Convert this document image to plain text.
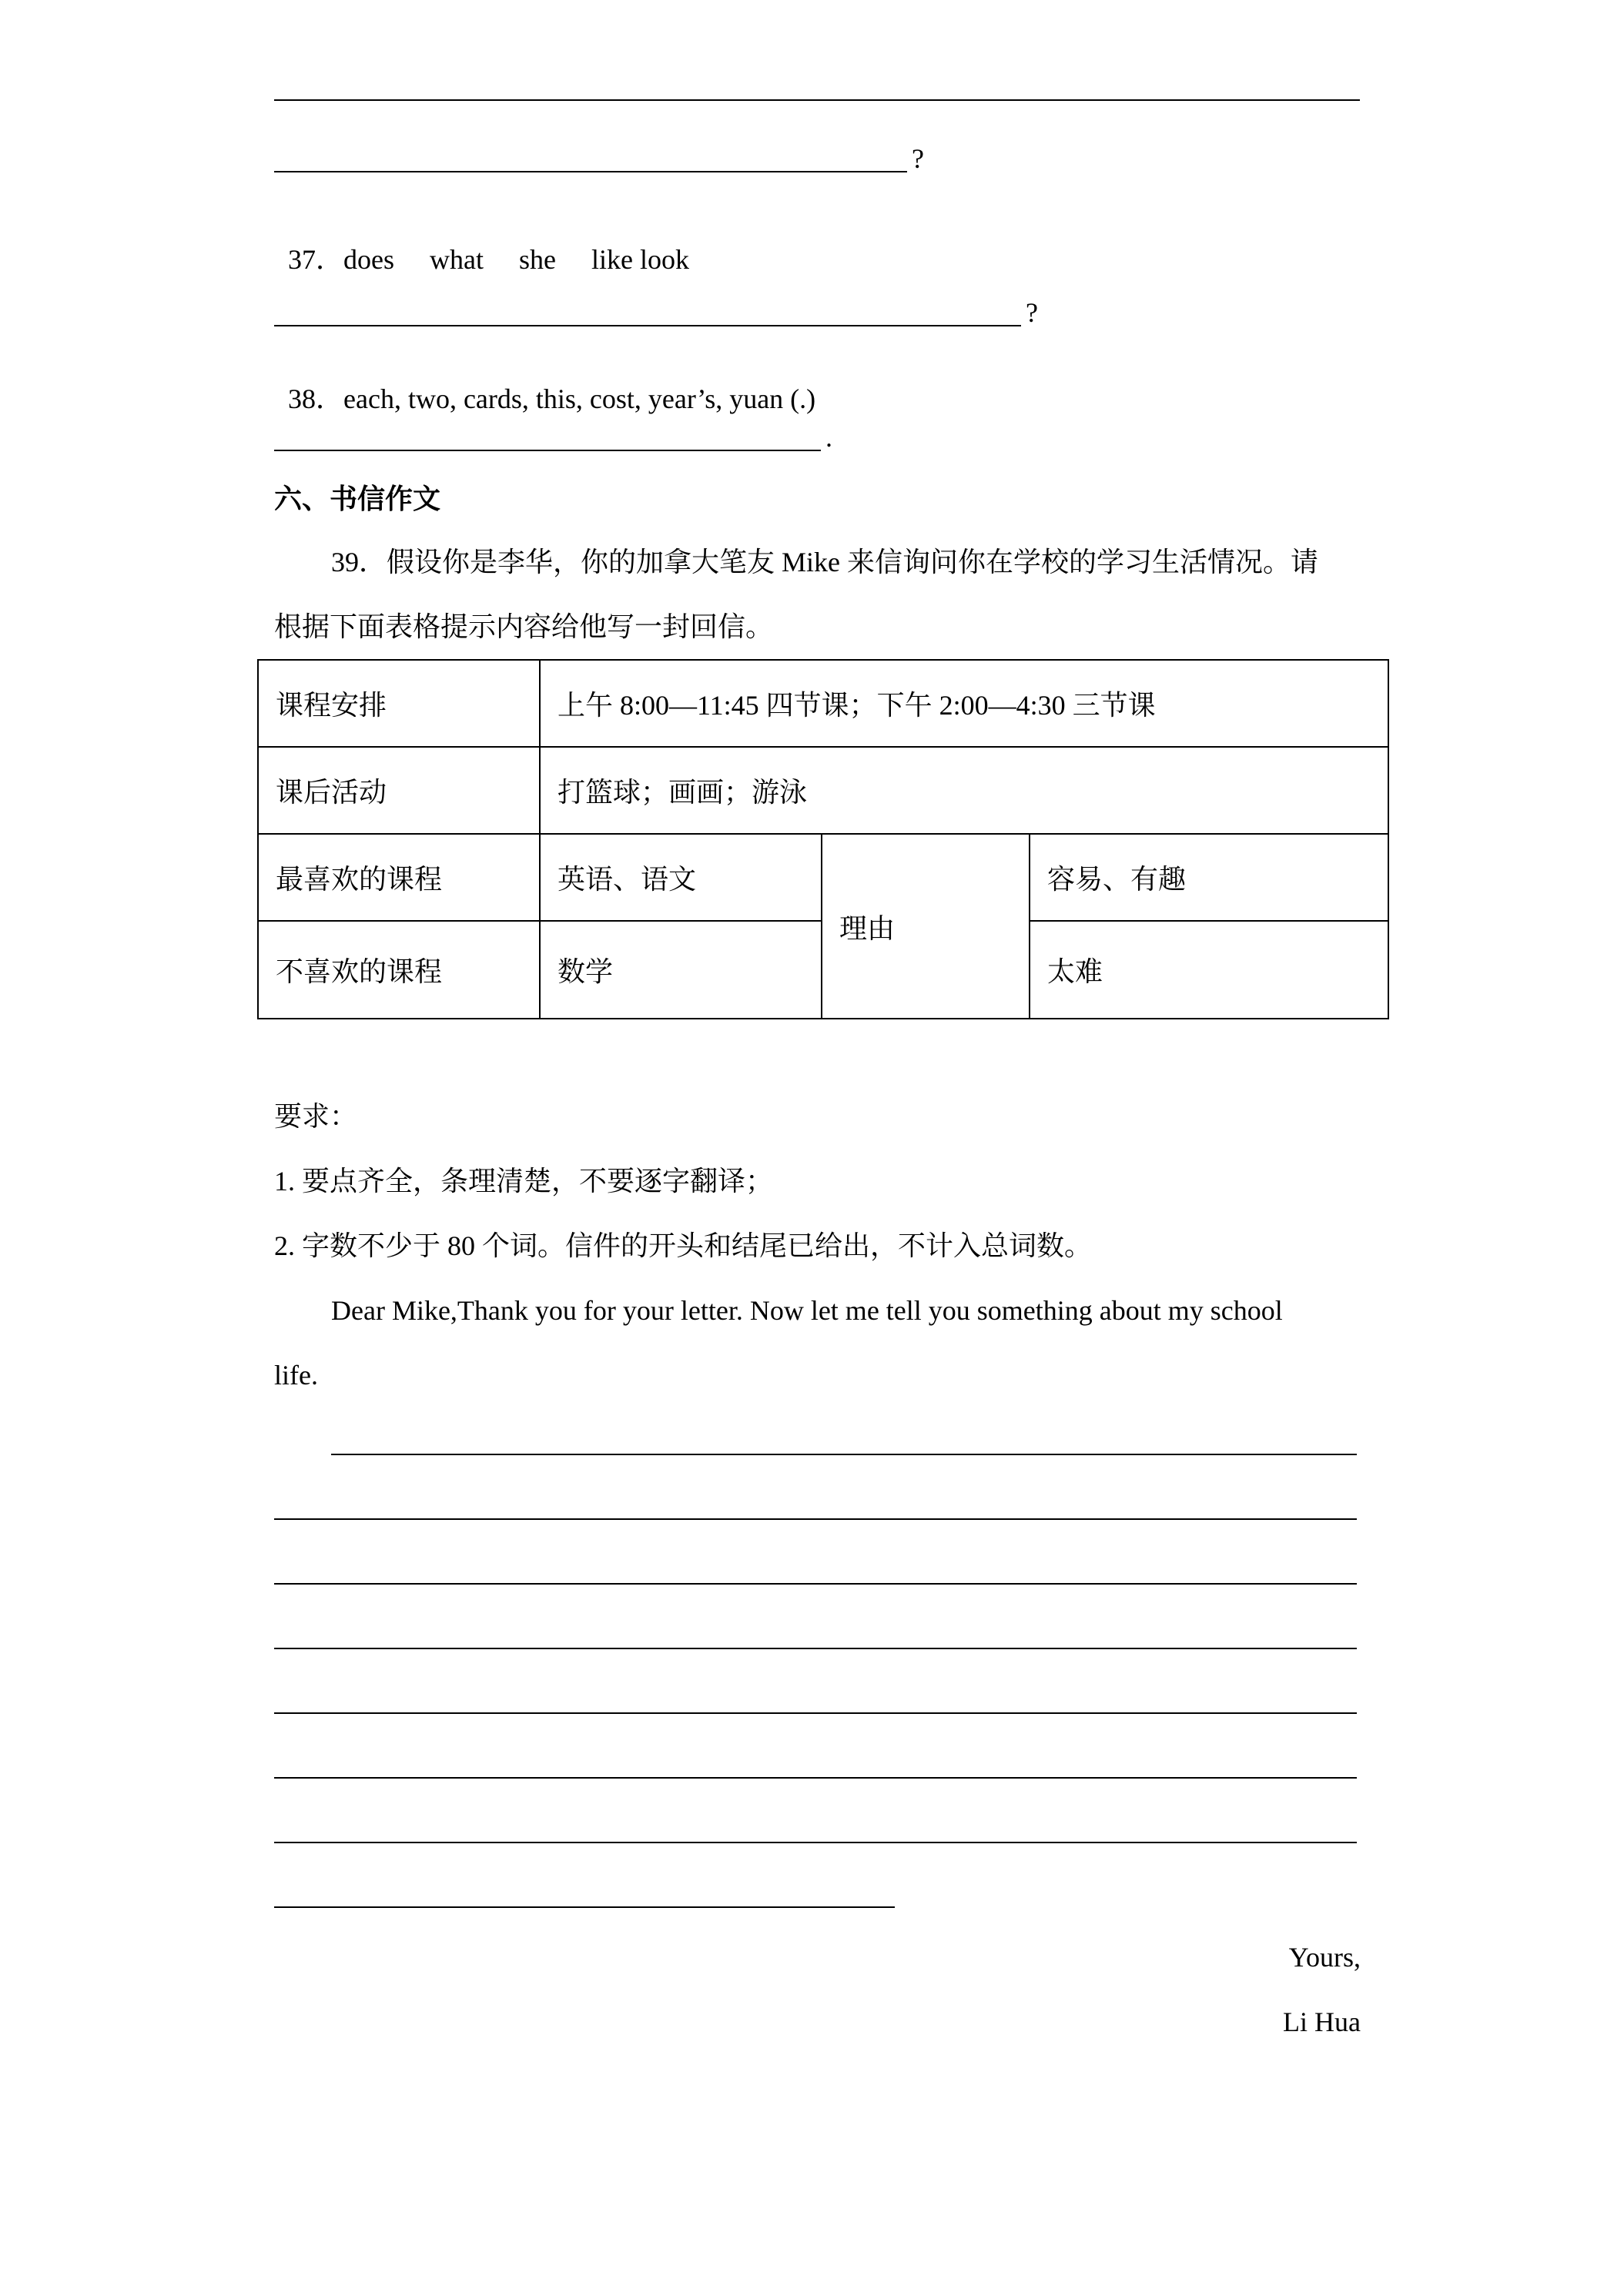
?

37．does what she like look

?

38．each, two, cards, this, cost, year’s, yuan (.)

.
六、书信作文
39．假设你是李华，你的加拿大笔友 Mike 来信询问你在学校的学习生活情况。请
根据下面表格提示内容给他写一封回信。
课程安排	上午 8:00—11:45 四节课；下午 2:00—4:30 三节课		
课后活动	打篮球；画画；游泳		
最喜欢的课程	英语、语文	理由	容易、有趣
不喜欢的课程	数学		太难
要求：
1. 要点齐全，条理清楚，不要逐字翻译；
2. 字数不少于 80 个词。信件的开头和结尾已给出，不计入总词数。
Dear Mike,Thank you for your letter. Now let me tell you something about my school
life.
Yours,
Li Hua
